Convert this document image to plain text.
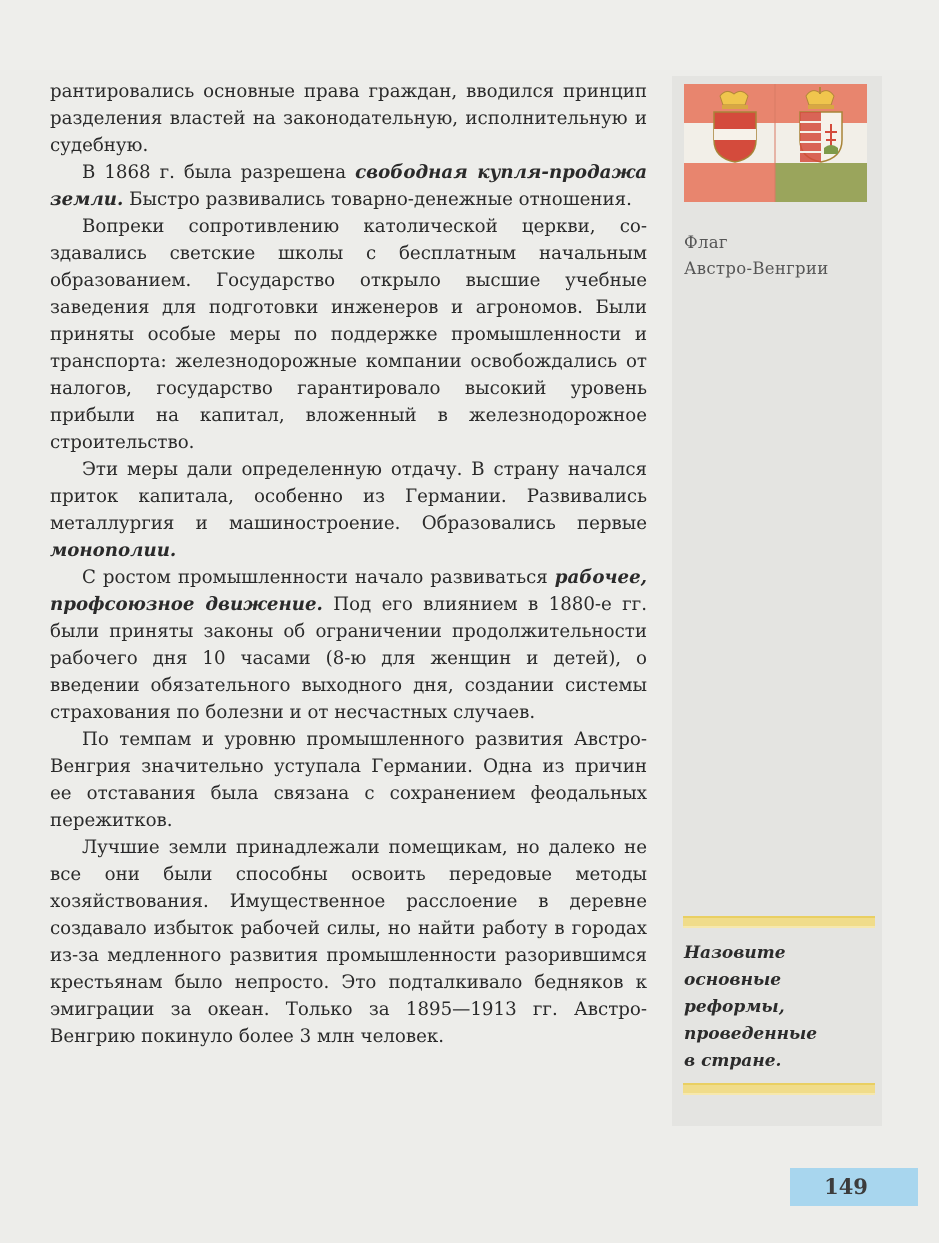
рантировались основные права граждан, вводился принцип разделения властей на законодательную, исполнительную и судебную.

В 1868 г. была разрешена свободная купля-продажа земли. Быстро развивались товарно-денежные отношения.

Вопреки сопротивлению католической церкви, создавались светские школы с бесплатным начальным образованием. Государство открыло высшие учебные заведения для подготовки инженеров и агрономов. Были приняты особые меры по поддержке промышленности и транспорта: железнодорожные компании освобождались от налогов, государство гарантировало высокий уровень прибыли на капитал, вложенный в железнодорожное строительство.

Эти меры дали определенную отдачу. В страну начался приток капитала, особенно из Германии. Развивались металлургия и машиностроение. Образовались первые монополии.

С ростом промышленности начало развиваться рабочее, профсоюзное движение. Под его влиянием в 1880-е гг. были приняты законы об ограничении продолжительности рабочего дня 10 часами (8-ю для женщин и детей), о введении обязательного выходного дня, создании системы страхования по болезни и от несчастных случаев.

По темпам и уровню промышленного развития Австро-Венгрия значительно уступала Германии. Одна из причин ее отставания была связана с сохранением феодальных пережитков.

Лучшие земли принадлежали помещикам, но далеко не все они были способны освоить передовые методы хозяйствования. Имущественное расслоение в деревне создавало избыток рабочей силы, но найти работу в городах из-за медленного развития промышленности разорившимся крестьянам было непросто. Это подталкивало бедняков к эмиграции за океан. Только за 1895—1913 гг. Австро-Венгрию покинуло более 3 млн человек.

Флаг
Австро-Венгрии
Назовите
основные
реформы,
проведенные
в стране.
149
